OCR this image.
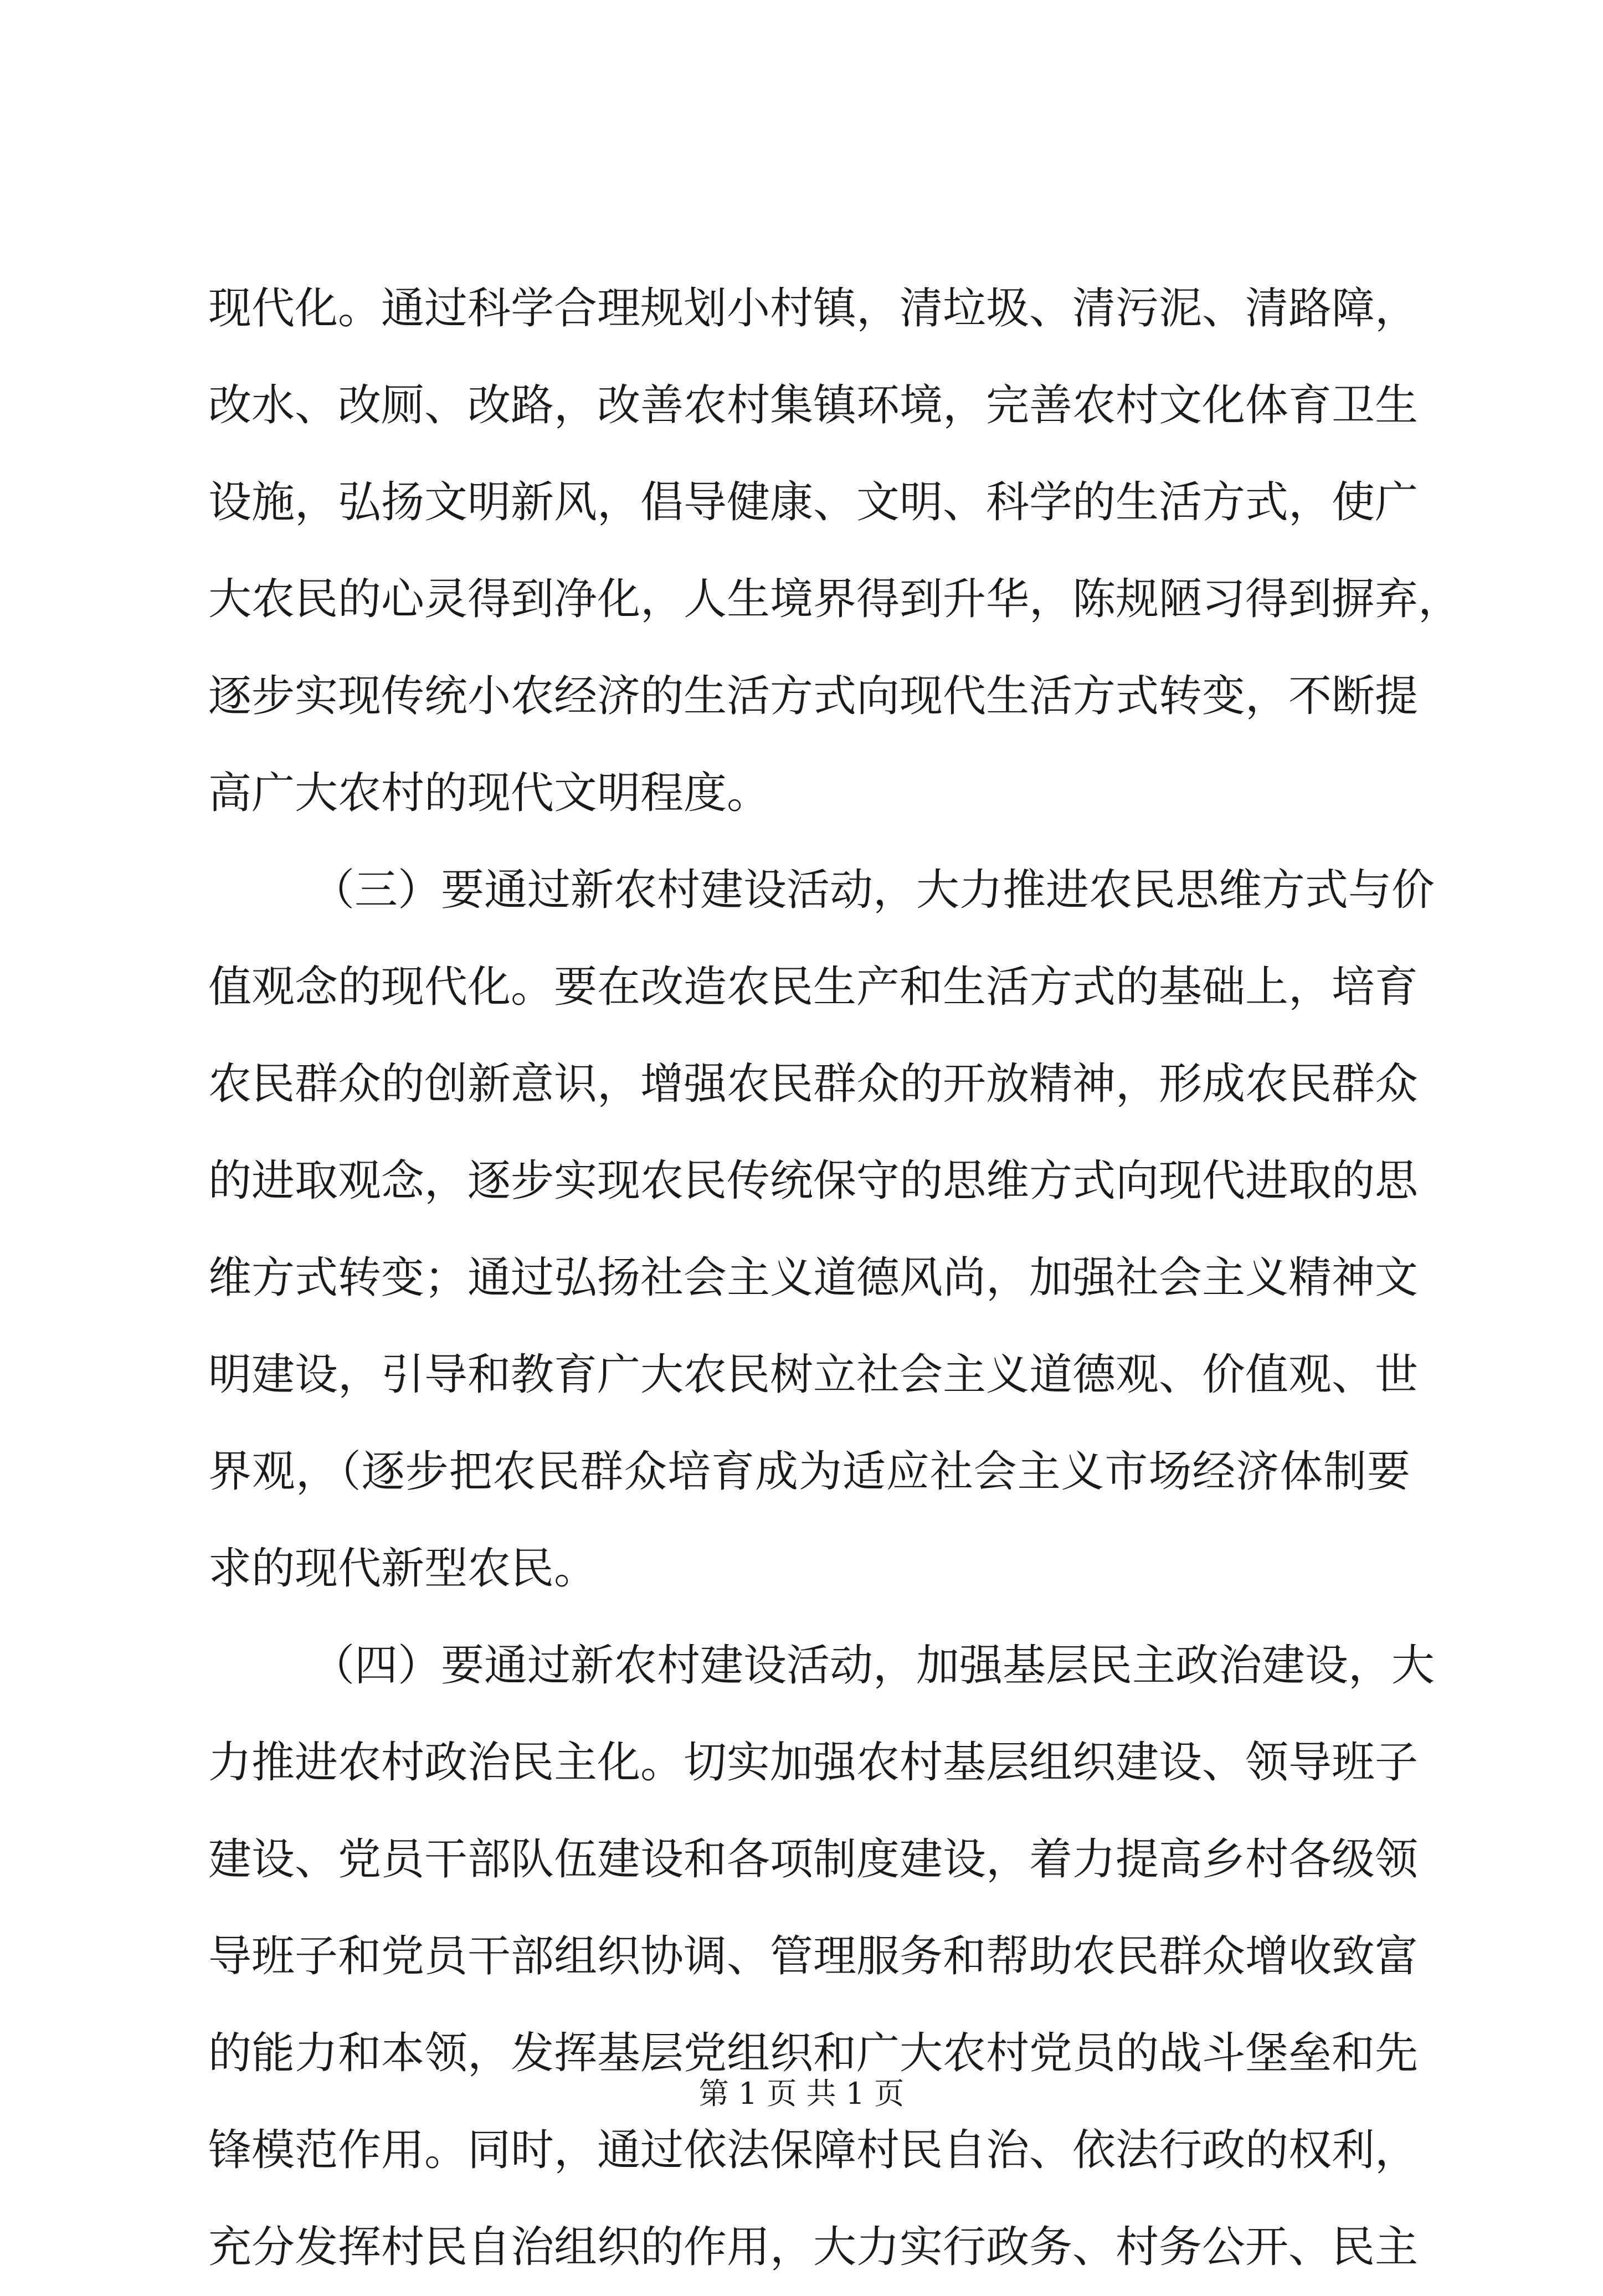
现代化。通过科学合理规划小村镇，清垃圾、清污泥、清路障，
改水、改厕、改路，改善农村集镇环境，完善农村文化体育卫生
设施，弘扬文明新风，倡导健康、文明、科学的生活方式，使广
大农民的心灵得到净化，人生境界得到升华，陈规陋习得到摒弃，
逐步实现传统小农经济的生活方式向现代生活方式转变，不断提
高广大农村的现代文明程度。
（三）要通过新农村建设活动，大力推进农民思维方式与价
值观念的现代化。要在改造农民生产和生活方式的基础上，培育
农民群众的创新意识，增强农民群众的开放精神，形成农民群众
的进取观念，逐步实现农民传统保守的思维方式向现代进取的思
维方式转变；通过弘扬社会主义道德风尚，加强社会主义精神文
明建设，引导和教育广大农民树立社会主义道德观、价值观、世
界观，（逐步把农民群众培育成为适应社会主义市场经济体制要
求的现代新型农民。
（四）要通过新农村建设活动，加强基层民主政治建设，大
力推进农村政治民主化。切实加强农村基层组织建设、领导班子
建设、党员干部队伍建设和各项制度建设，着力提高乡村各级领
导班子和党员干部组织协调、管理服务和帮助农民群众增收致富
的能力和本领，发挥基层党组织和广大农村党员的战斗堡垒和先
锋模范作用。同时，通过依法保障村民自治、依法行政的权利，
充分发挥村民自治组织的作用，大力实行政务、村务公开、民主
第 1 页 共 1 页
